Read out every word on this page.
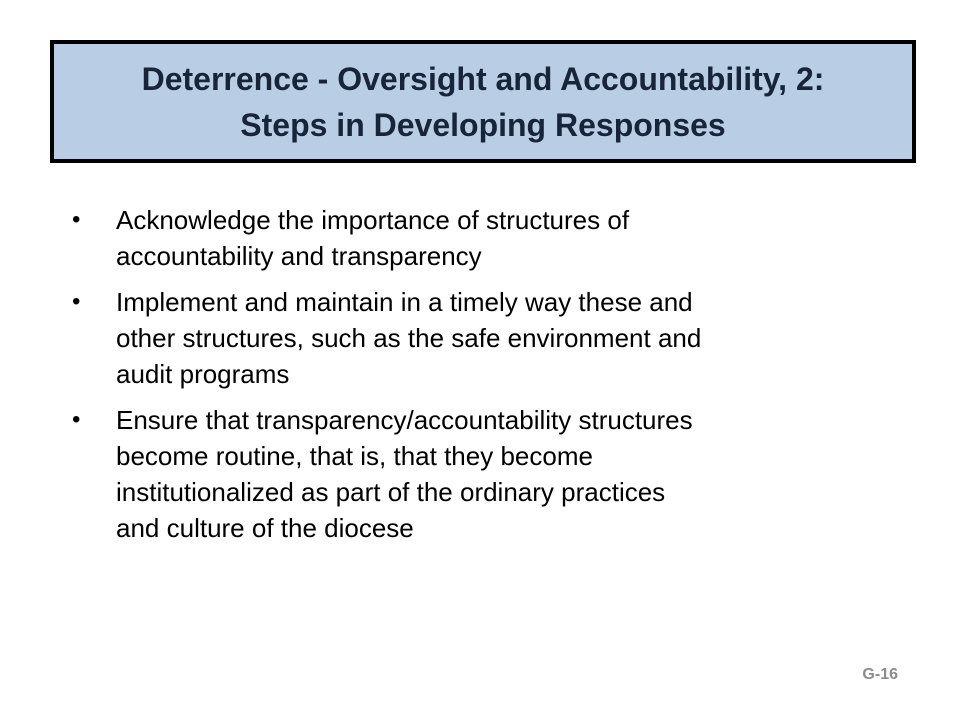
Deterrence - Oversight and Accountability, 2:
Steps in Developing Responses
• Acknowledge the importance of structures of
accountability and transparency
• Implement and maintain in a timely way these and
other structures, such as the safe environment and
audit programs
• Ensure that transparency/accountability structures
become routine, that is, that they become
institutionalized as part of the ordinary practices
and culture of the diocese
G-16
